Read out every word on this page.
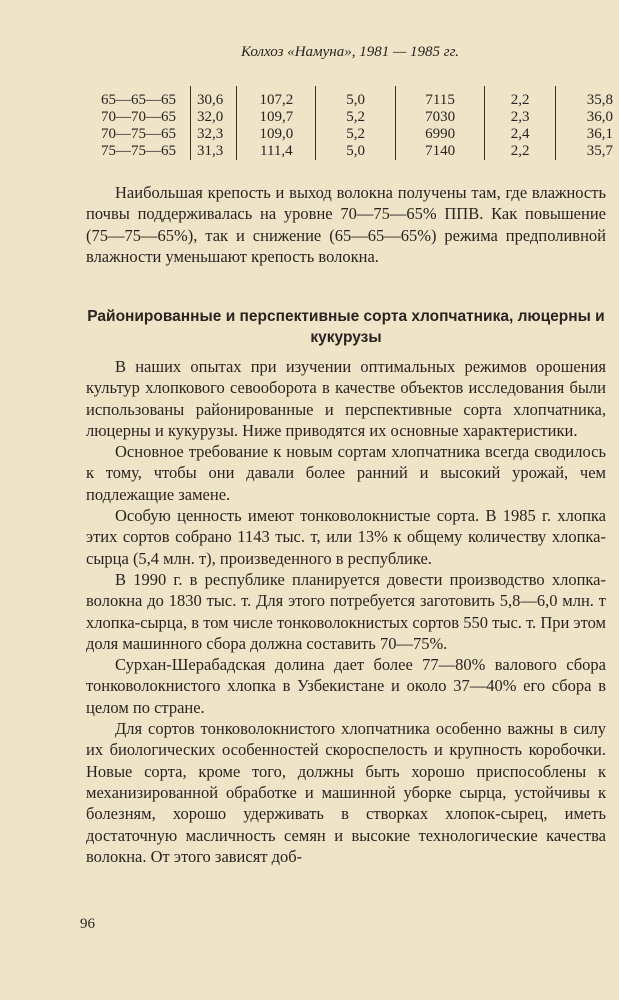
Колхоз «Намуна», 1981 — 1985 гг.

65—65—65	30,6	107,2	5,0	7115	2,2	35,8
70—70—65	32,0	109,7	5,2	7030	2,3	36,0
70—75—65	32,3	109,0	5,2	6990	2,4	36,1
75—75—65	31,3	111,4	5,0	7140	2,2	35,7

Наибольшая крепость и выход волокна получены там, где влажность почвы поддерживалась на уровне 70—75—65% ППВ. Как повышение (75—75—65%), так и снижение (65—65—65%) режима предполивной влажности уменьшают крепость волокна.

Районированные и перспективные сорта хлопчатника, люцерны и кукурузы

В наших опытах при изучении оптимальных режимов орошения культур хлопкового севооборота в качестве объектов исследования были использованы районированные и перспективные сорта хлопчатника, люцерны и кукурузы. Ниже приводятся их основные характеристики.

Основное требование к новым сортам хлопчатника всегда сводилось к тому, чтобы они давали более ранний и высокий урожай, чем подлежащие замене.

Особую ценность имеют тонковолокнистые сорта. В 1985 г. хлопка этих сортов собрано 1143 тыс. т, или 13% к общему количеству хлопка-сырца (5,4 млн. т), произведенного в республике.

В 1990 г. в республике планируется довести производство хлопка-волокна до 1830 тыс. т. Для этого потребуется заготовить 5,8—6,0 млн. т хлопка-сырца, в том числе тонковолокнистых сортов 550 тыс. т. При этом доля машинного сбора должна составить 70—75%.

Сурхан-Шерабадская долина дает более 77—80% валового сбора тонковолокнистого хлопка в Узбекистане и около 37—40% его сбора в целом по стране.

Для сортов тонковолокнистого хлопчатника особенно важны в силу их биологических особенностей скороспелость и крупность коробочки. Новые сорта, кроме того, должны быть хорошо приспособлены к механизированной обработке и машинной уборке сырца, устойчивы к болезням, хорошо удерживать в створках хлопок-сырец, иметь достаточную масличность семян и высокие технологические качества волокна. От этого зависят доб-

96
